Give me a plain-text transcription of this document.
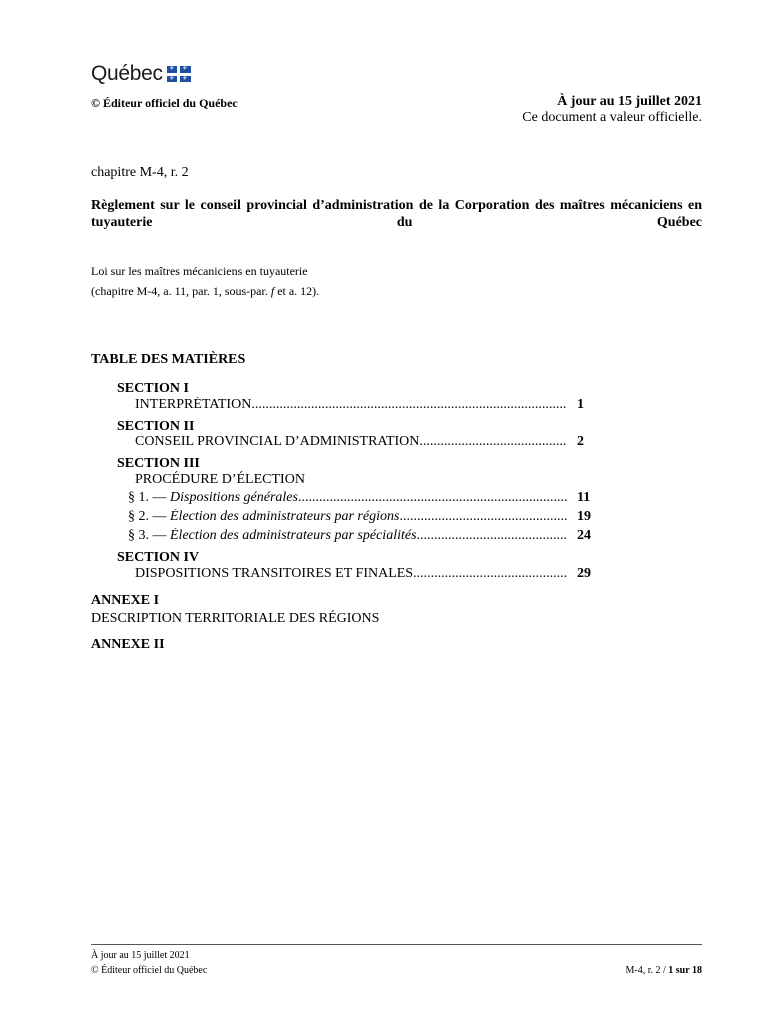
Québec	⚜	⚜
⚜	⚜
© Éditeur officiel du Québec	À jour au 15 juillet 2021
Ce document a valeur officielle.
chapitre M-4, r. 2
Règlement sur le conseil provincial d’administration de la Corporation des maîtres mécaniciens en tuyauterie du Québec
Loi sur les maîtres mécaniciens en tuyauterie
(chapitre M-4, a. 11, par. 1, sous-par. f et a. 12).
TABLE DES MATIÈRES
SECTION I
INTERPRÉTATION .....	1
SECTION II
CONSEIL PROVINCIAL D’ADMINISTRATION .....	2
SECTION III
PROCÉDURE D’ÉLECTION
§ 1. — Dispositions générales .....	11
§ 2. — Élection des administrateurs par régions .....	19
§ 3. — Élection des administrateurs par spécialités .....	24
SECTION IV
DISPOSITIONS TRANSITOIRES ET FINALES .....	29
ANNEXE I
DESCRIPTION TERRITORIALE DES RÉGIONS
ANNEXE II
À jour au 15 juillet 2021
© Éditeur officiel du Québec	M-4, r. 2 / 1 sur 18
